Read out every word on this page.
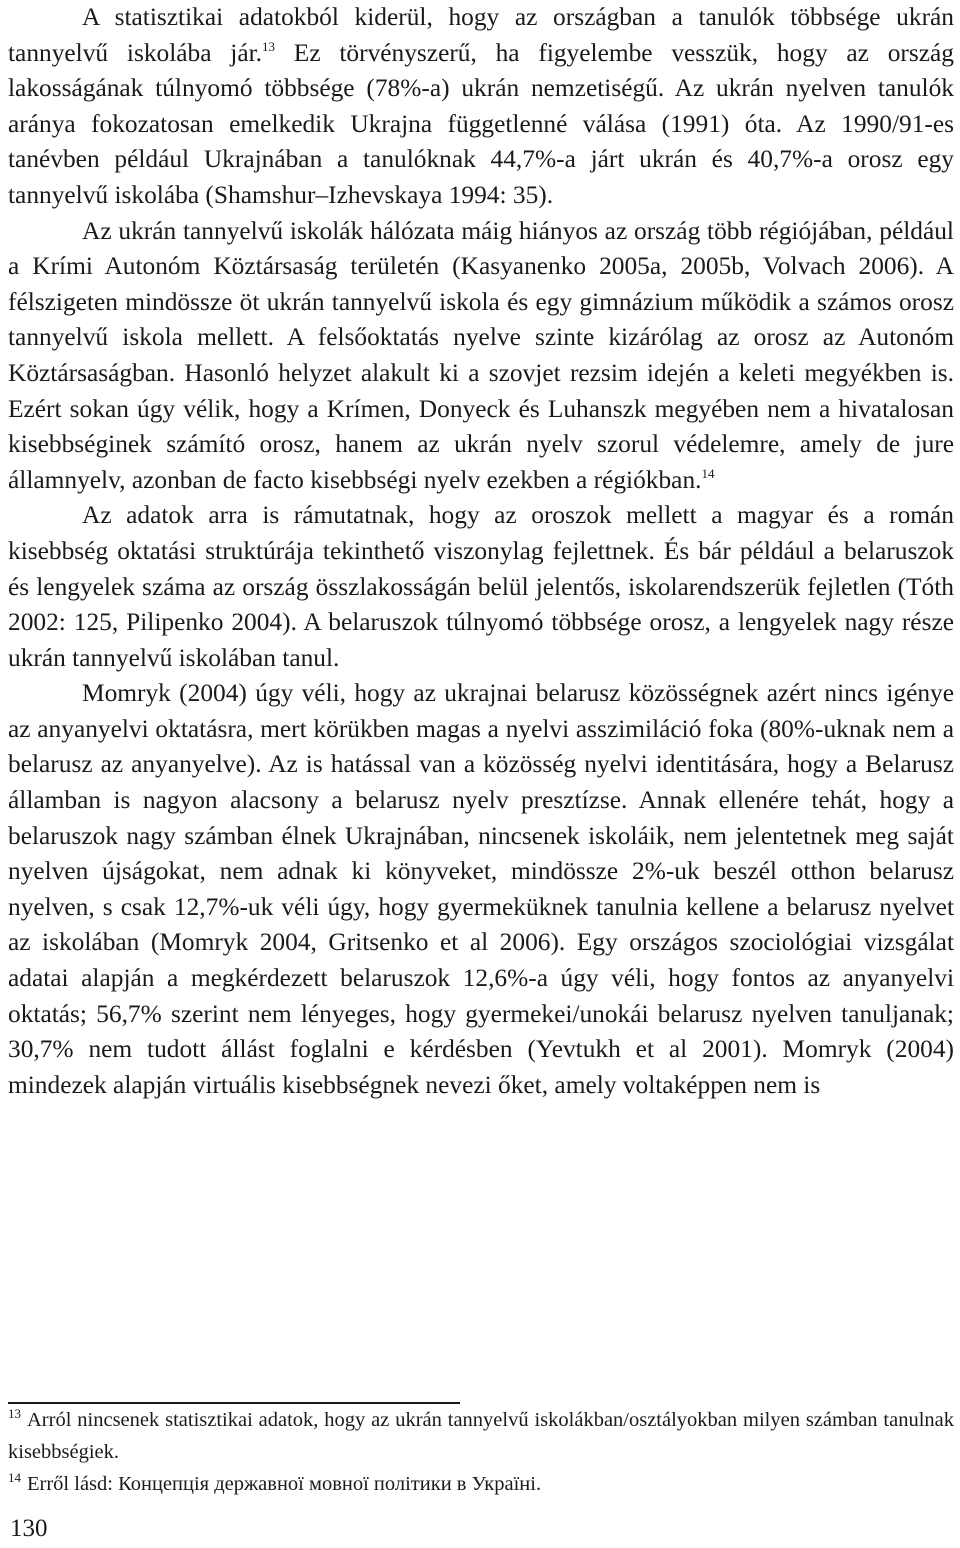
A statisztikai adatokból kiderül, hogy az országban a tanulók többsége ukrán tannyelvű iskolába jár.$^{13}$ Ez törvényszerű, ha figyelembe vesszük, hogy az ország lakosságának túlnyomó többsége (78%-a) ukrán nemzetiségű. Az ukrán nyelven tanulók aránya fokozatosan emelkedik Ukrajna függetlenné válása (1991) óta. Az 1990/91-es tanévben például Ukrajnában a tanulóknak 44,7%-a járt ukrán és 40,7%-a orosz egy tannyelvű iskolába (Shamshur–Izhevskaya 1994: 35).

Az ukrán tannyelvű iskolák hálózata máig hiányos az ország több régiójában, például a Krími Autonóm Köztársaság területén (Kasyanenko 2005a, 2005b, Volvach 2006). A félszigeten mindössze öt ukrán tannyelvű iskola és egy gimnázium működik a számos orosz tannyelvű iskola mellett. A felsőoktatás nyelve szinte kizárólag az orosz az Autonóm Köztársaságban. Hasonló helyzet alakult ki a szovjet rezsim idején a keleti megyékben is. Ezért sokan úgy vélik, hogy a Krímen, Donyeck és Luhanszk megyében nem a hivatalosan kisebbséginek számító orosz, hanem az ukrán nyelv szorul védelemre, amely de jure államnyelv, azonban de facto kisebbségi nyelv ezekben a régiókban.$^{14}$

Az adatok arra is rámutatnak, hogy az oroszok mellett a magyar és a román kisebbség oktatási struktúrája tekinthető viszonylag fejlettnek. És bár például a belaruszok és lengyelek száma az ország összlakosságán belül jelentős, iskolarendszerük fejletlen (Tóth 2002: 125, Pilipenko 2004). A belaruszok túlnyomó többsége orosz, a lengyelek nagy része ukrán tannyelvű iskolában tanul.

Momryk (2004) úgy véli, hogy az ukrajnai belarusz közösségnek azért nincs igénye az anyanyelvi oktatásra, mert körükben magas a nyelvi asszimiláció foka (80%-uknak nem a belarusz az anyanyelve). Az is hatással van a közösség nyelvi identitására, hogy a Belarusz államban is nagyon alacsony a belarusz nyelv presztízse. Annak ellenére tehát, hogy a belaruszok nagy számban élnek Ukrajnában, nincsenek iskoláik, nem jelentetnek meg saját nyelven újságokat, nem adnak ki könyveket, mindössze 2%-uk beszél otthon belarusz nyelven, s csak 12,7%-uk véli úgy, hogy gyermeküknek tanulnia kellene a belarusz nyelvet az iskolában (Momryk 2004, Gritsenko et al 2006). Egy országos szociológiai vizsgálat adatai alapján a megkérdezett belaruszok 12,6%-a úgy véli, hogy fontos az anyanyelvi oktatás; 56,7% szerint nem lényeges, hogy gyermekei/unokái belarusz nyelven tanuljanak; 30,7% nem tudott állást foglalni e kérdésben (Yevtukh et al 2001). Momryk (2004) mindezek alapján virtuális kisebbségnek nevezi őket, amely voltaképpen nem is

$^{13}$ Arról nincsenek statisztikai adatok, hogy az ukrán tannyelvű iskolákban/osztályokban milyen számban tanulnak kisebbségiek.

$^{14}$ Erről lásd: Концепція державної мовної політики в Україні.

130
